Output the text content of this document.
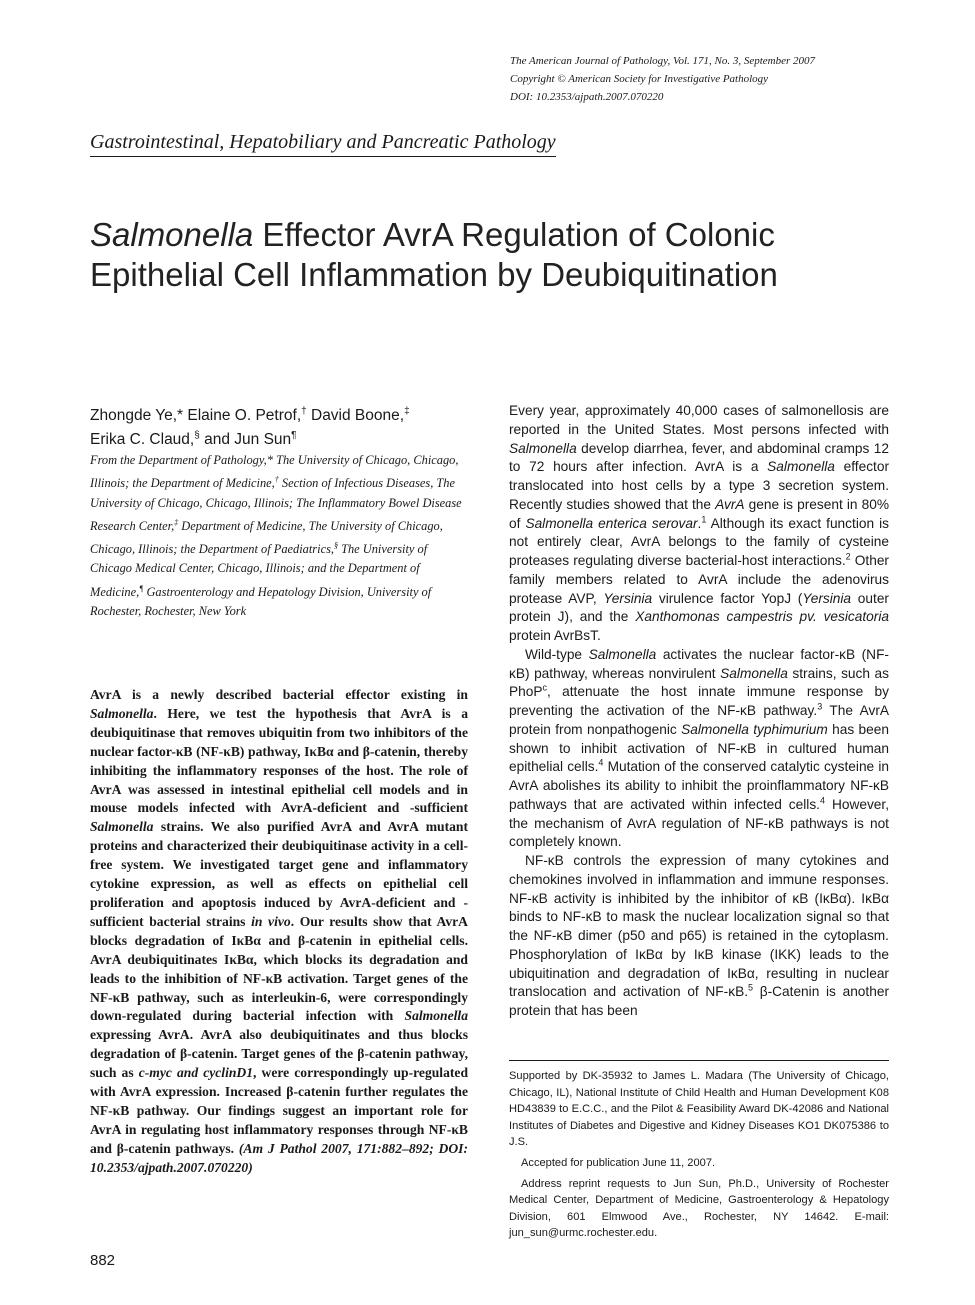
The American Journal of Pathology, Vol. 171, No. 3, September 2007
Copyright © American Society for Investigative Pathology
DOI: 10.2353/ajpath.2007.070220
Gastrointestinal, Hepatobiliary and Pancreatic Pathology
Salmonella Effector AvrA Regulation of Colonic
Epithelial Cell Inflammation by Deubiquitination
Zhongde Ye,* Elaine O. Petrof,† David Boone,‡
Erika C. Claud,§ and Jun Sun¶
From the Department of Pathology,* The University of Chicago, Chicago, Illinois; the Department of Medicine,† Section of Infectious Diseases, The University of Chicago, Chicago, Illinois; The Inflammatory Bowel Disease Research Center,‡ Department of Medicine, The University of Chicago, Chicago, Illinois; the Department of Paediatrics,§ The University of Chicago Medical Center, Chicago, Illinois; and the Department of Medicine,¶ Gastroenterology and Hepatology Division, University of Rochester, Rochester, New York
AvrA is a newly described bacterial effector existing in Salmonella. Here, we test the hypothesis that AvrA is a deubiquitinase that removes ubiquitin from two inhibitors of the nuclear factor-κB (NF-κB) pathway, IκBα and β-catenin, thereby inhibiting the inflammatory responses of the host. The role of AvrA was assessed in intestinal epithelial cell models and in mouse models infected with AvrA-deficient and -sufficient Salmonella strains. We also purified AvrA and AvrA mutant proteins and characterized their deubiquitinase activity in a cell-free system. We investigated target gene and inflammatory cytokine expression, as well as effects on epithelial cell proliferation and apoptosis induced by AvrA-deficient and -sufficient bacterial strains in vivo. Our results show that AvrA blocks degradation of IκBα and β-catenin in epithelial cells. AvrA deubiquitinates IκBα, which blocks its degradation and leads to the inhibition of NF-κB activation. Target genes of the NF-κB pathway, such as interleukin-6, were correspondingly down-regulated during bacterial infection with Salmonella expressing AvrA. AvrA also deubiquitinates and thus blocks degradation of β-catenin. Target genes of the β-catenin pathway, such as c-myc and cyclinD1, were correspondingly up-regulated with AvrA expression. Increased β-catenin further regulates the NF-κB pathway. Our findings suggest an important role for AvrA in regulating host inflammatory responses through NF-κB and β-catenin pathways. (Am J Pathol 2007, 171:882–892; DOI: 10.2353/ajpath.2007.070220)
882

Every year, approximately 40,000 cases of salmonellosis are reported in the United States. Most persons infected with Salmonella develop diarrhea, fever, and abdominal cramps 12 to 72 hours after infection. AvrA is a Salmonella effector translocated into host cells by a type 3 secretion system. Recently studies showed that the AvrA gene is present in 80% of Salmonella enterica serovar.$^1$ Although its exact function is not entirely clear, AvrA belongs to the family of cysteine proteases regulating diverse bacterial-host interactions.$^2$ Other family members related to AvrA include the adenovirus protease AVP, Yersinia virulence factor YopJ (Yersinia outer protein J), and the Xanthomonas campestris pv. vesicatoria protein AvrBsT.

Wild-type Salmonella activates the nuclear factor-κB (NF-κB) pathway, whereas nonvirulent Salmonella strains, such as PhoP$^c$, attenuate the host innate immune response by preventing the activation of the NF-κB pathway.$^3$ The AvrA protein from nonpathogenic Salmonella typhimurium has been shown to inhibit activation of NF-κB in cultured human epithelial cells.$^4$ Mutation of the conserved catalytic cysteine in AvrA abolishes its ability to inhibit the proinflammatory NF-κB pathways that are activated within infected cells.$^4$ However, the mechanism of AvrA regulation of NF-κB pathways is not completely known.

NF-κB controls the expression of many cytokines and chemokines involved in inflammation and immune responses. NF-κB activity is inhibited by the inhibitor of κB (IκBα). IκBα binds to NF-κB to mask the nuclear localization signal so that the NF-κB dimer (p50 and p65) is retained in the cytoplasm. Phosphorylation of IκBα by IκB kinase (IKK) leads to the ubiquitination and degradation of IκBα, resulting in nuclear translocation and activation of NF-κB.$^5$ β-Catenin is another protein that has been

Supported by DK-35932 to James L. Madara (The University of Chicago, Chicago, IL), National Institute of Child Health and Human Development K08 HD43839 to E.C.C., and the Pilot & Feasibility Award DK-42086 and National Institutes of Diabetes and Digestive and Kidney Diseases KO1 DK075386 to J.S.

Accepted for publication June 11, 2007.

Address reprint requests to Jun Sun, Ph.D., University of Rochester Medical Center, Department of Medicine, Gastroenterology & Hepatology Division, 601 Elmwood Ave., Rochester, NY 14642. E-mail: jun_sun@urmc.rochester.edu.
